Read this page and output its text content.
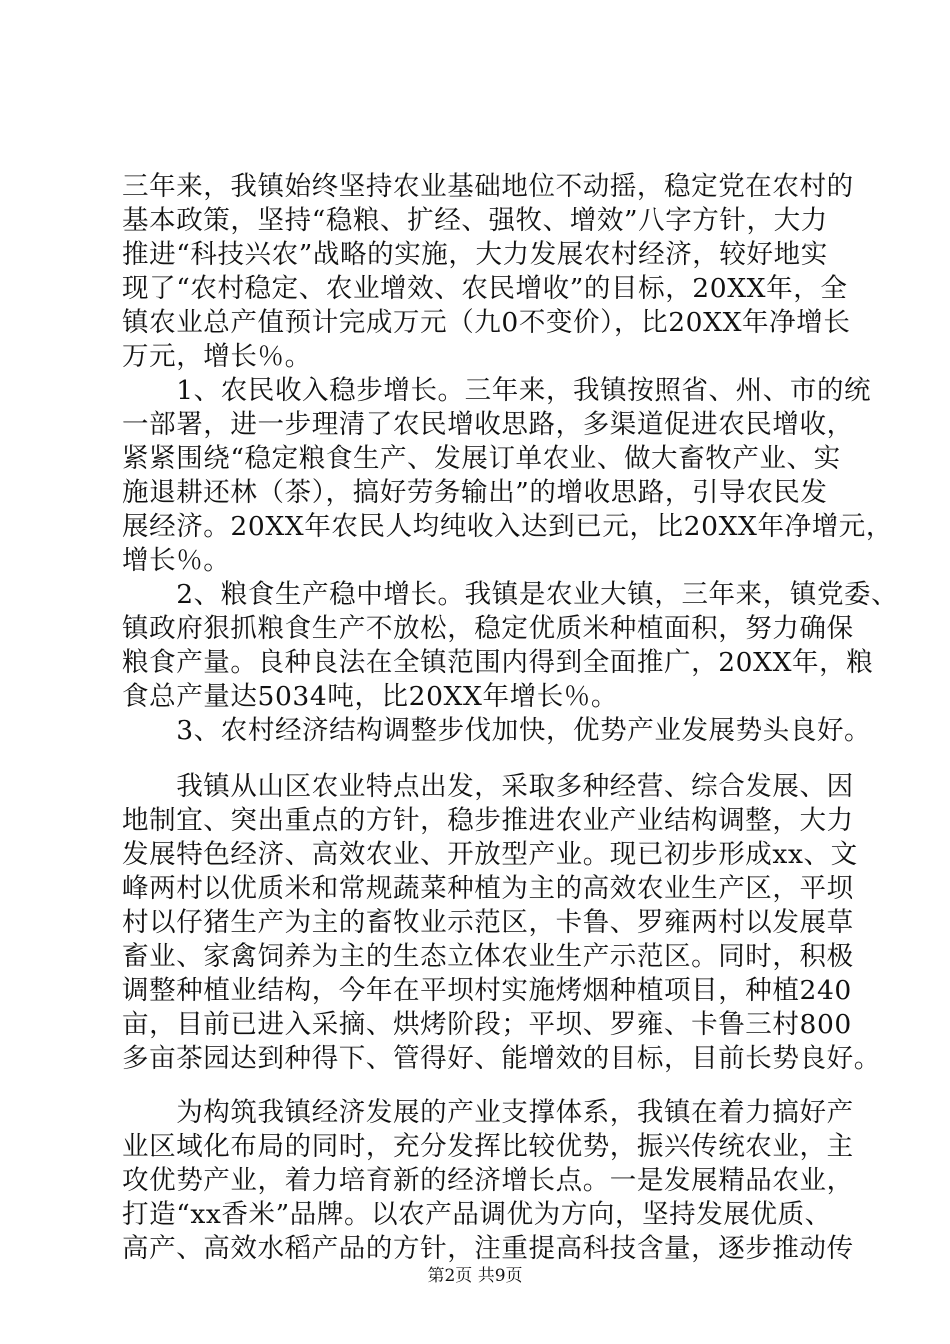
三年来，我镇始终坚持农业基础地位不动摇，稳定党在农村的
基本政策，坚持“稳粮、扩经、强牧、增效”八字方针，大力
推进“科技兴农”战略的实施，大力发展农村经济，较好地实
现了“农村稳定、农业增效、农民增收”的目标，20XX年，全
镇农业总产值预计完成万元（九0不变价），比20XX年净增长
万元，增长％。
　　1、农民收入稳步增长。三年来，我镇按照省、州、市的统
一部署，进一步理清了农民增收思路，多渠道促进农民增收，
紧紧围绕“稳定粮食生产、发展订单农业、做大畜牧产业、实
施退耕还林（茶），搞好劳务输出”的增收思路，引导农民发
展经济。20XX年农民人均纯收入达到已元，比20XX年净增元，
增长％。
　　2、粮食生产稳中增长。我镇是农业大镇，三年来，镇党委、
镇政府狠抓粮食生产不放松，稳定优质米种植面积，努力确保
粮食产量。良种良法在全镇范围内得到全面推广，20XX年，粮
食总产量达5034吨，比20XX年增长％。
　　3、农村经济结构调整步伐加快，优势产业发展势头良好。
　　我镇从山区农业特点出发，采取多种经营、综合发展、因
地制宜、突出重点的方针，稳步推进农业产业结构调整，大力
发展特色经济、高效农业、开放型产业。现已初步形成xx、文
峰两村以优质米和常规蔬菜种植为主的高效农业生产区，平坝
村以仔猪生产为主的畜牧业示范区，卡鲁、罗雍两村以发展草
畜业、家禽饲养为主的生态立体农业生产示范区。同时，积极
调整种植业结构，今年在平坝村实施烤烟种植项目，种植240
亩，目前已进入采摘、烘烤阶段；平坝、罗雍、卡鲁三村800
多亩茶园达到种得下、管得好、能增效的目标，目前长势良好。
　　为构筑我镇经济发展的产业支撑体系，我镇在着力搞好产
业区域化布局的同时，充分发挥比较优势，振兴传统农业，主
攻优势产业，着力培育新的经济增长点。一是发展精品农业，
打造“xx香米”品牌。以农产品调优为方向，坚持发展优质、
高产、高效水稻产品的方针，注重提高科技含量，逐步推动传
第2页 共9页
